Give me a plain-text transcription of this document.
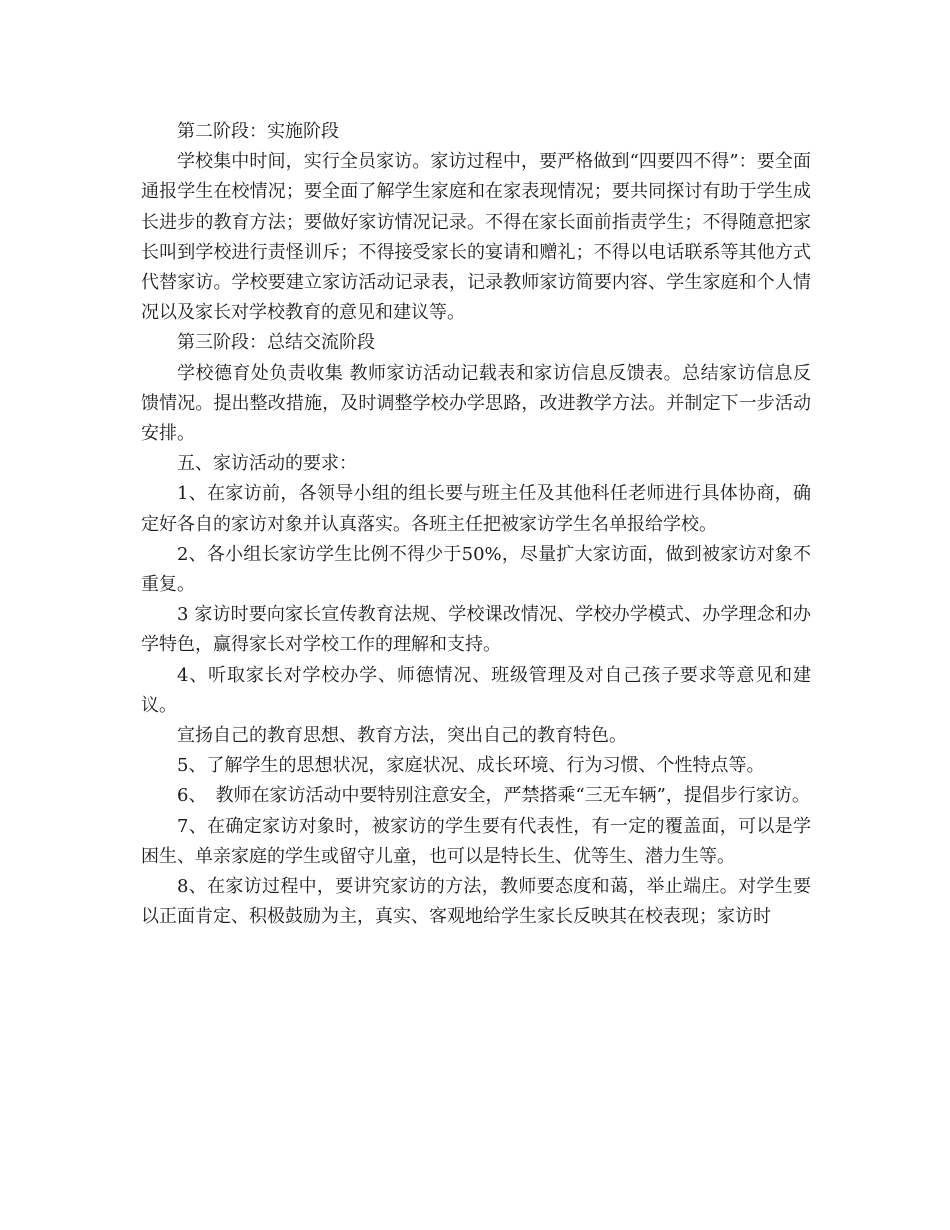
第二阶段：实施阶段

学校集中时间，实行全员家访。家访过程中，要严格做到“四要四不得”：要全面通报学生在校情况；要全面了解学生家庭和在家表现情况；要共同探讨有助于学生成长进步的教育方法；要做好家访情况记录。不得在家长面前指责学生；不得随意把家长叫到学校进行责怪训斥；不得接受家长的宴请和赠礼；不得以电话联系等其他方式代替家访。学校要建立家访活动记录表，记录教师家访简要内容、学生家庭和个人情况以及家长对学校教育的意见和建议等。

第三阶段：总结交流阶段

学校德育处负责收集 教师家访活动记载表和家访信息反馈表。总结家访信息反馈情况。提出整改措施，及时调整学校办学思路，改进教学方法。并制定下一步活动安排。

五、家访活动的要求：

1、在家访前，各领导小组的组长要与班主任及其他科任老师进行具体协商，确定好各自的家访对象并认真落实。各班主任把被家访学生名单报给学校。

2、各小组长家访学生比例不得少于50%，尽量扩大家访面，做到被家访对象不重复。

3 家访时要向家长宣传教育法规、学校课改情况、学校办学模式、办学理念和办学特色，赢得家长对学校工作的理解和支持。

4、听取家长对学校办学、师德情况、班级管理及对自己孩子要求等意见和建议。

宣扬自己的教育思想、教育方法，突出自己的教育特色。

5、了解学生的思想状况，家庭状况、成长环境、行为习惯、个性特点等。

6、　教师在家访活动中要特别注意安全，严禁搭乘“三无车辆”，提倡步行家访。

7、在确定家访对象时，被家访的学生要有代表性，有一定的覆盖面，可以是学困生、单亲家庭的学生或留守儿童，也可以是特长生、优等生、潜力生等。

8、在家访过程中，要讲究家访的方法，教师要态度和蔼，举止端庄。对学生要以正面肯定、积极鼓励为主，真实、客观地给学生家长反映其在校表现；家访时
